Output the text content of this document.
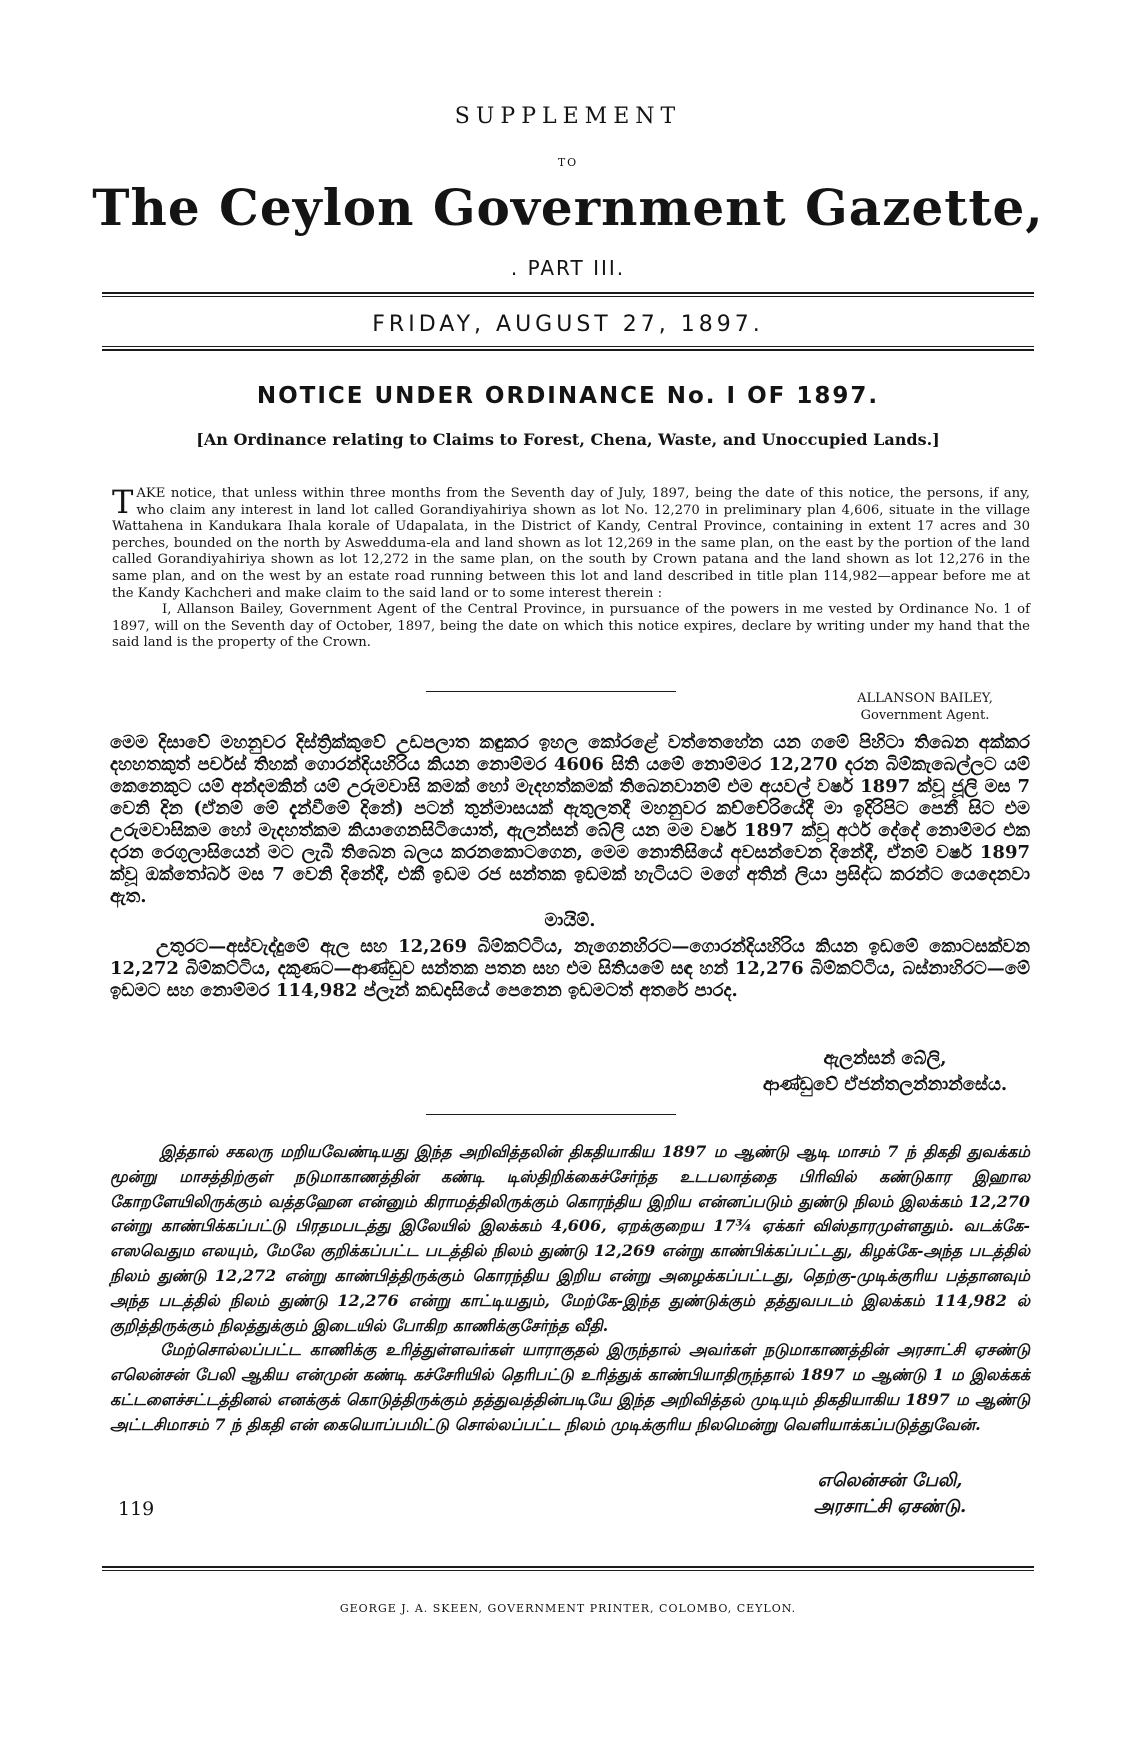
SUPPLEMENT
TO
The Ceylon Government Gazette,
. PART III.
FRIDAY, AUGUST 27, 1897.
NOTICE UNDER ORDINANCE No. I OF 1897.
[An Ordinance relating to Claims to Forest, Chena, Waste, and Unoccupied Lands.]

TAKE notice, that unless within three months from the Seventh day of July, 1897, being the date of this notice, the persons, if any, who claim any interest in land lot called Gorandiyahiriya shown as lot No. 12,270 in preliminary plan 4,606, situate in the village Wattahena in Kandukara Ihala korale of Udapalata, in the District of Kandy, Central Province, containing in extent 17 acres and 30 perches, bounded on the north by Aswedduma-ela and land shown as lot 12,269 in the same plan, on the east by the portion of the land called Gorandiyahiriya shown as lot 12,272 in the same plan, on the south by Crown patana and the land shown as lot 12,276 in the same plan, and on the west by an estate road running between this lot and land described in title plan 114,982—appear before me at the Kandy Kachcheri and make claim to the said land or to some interest therein :

I, Allanson Bailey, Government Agent of the Central Province, in pursuance of the powers in me vested by Ordinance No. 1 of 1897, will on the Seventh day of October, 1897, being the date on which this notice expires, declare by writing under my hand that the said land is the property of the Crown.

ALLANSON BAILEY,
Government Agent.

මෙම දිසාවේ මහනුවර දිස්ත්‍රික්කුවේ උඩපලාත කඳුකර ඉහල කෝරළේ වත්තෙහේන යන ගමේ පිහිටා තිබෙන අක්කර දහහතකුත් පර්චස් තිහක් ගොරන්දියහිරිය කියන නොම්මර 4606 සිති යමේ නොම්මර 12,270 දරන බිම්කැබෙල්ලට යම් කෙනෙකුට යම් අන්දමකින් යම් උරුමවාසි කමක් හෝ මැදහත්කමක් තිබෙනවානම් එම අයවල් වර්ෂ 1897 ක්වූ ජූලි මස 7 වෙනි දින (ඒනම් මේ දැන්වීමේ දිනේ) පටන් තුන්මාසයක් ඇතුලතදී මහනුවර කච්චේරියේදී මා ඉදිරිපිට පෙනී සිට එම උරුමවාසිකම හෝ මැදහත්කම කියාගෙනසිටියොත්, ඇලන්සන් බේලි යන මම වර්ෂ 1897 ක්වූ අර්ථ දේදේ නොම්මර එක දරන රෙගුලාසියෙන් මට ලැබී තිබෙන බලය කරනකොටගෙන, මෙම නොතිසියේ අවසන්වෙන දිනේදී, ඒනම් වර්ෂ 1897 ක්වූ ඔක්තෝබර් මස 7 වෙනි දිනේදී, එකී ඉඩම රජ සන්තක ඉඩමක් හැටියට මගේ අතින් ලියා ප්‍රසිද්ධ කරන්ට යෙදෙනවා ඇත.

මායිම්.

උතුරට—අස්වැද්දුමේ ඇල සහ 12,269 බිම්කට්ටිය, නැගෙනහිරට—ගොරන්දියහිරිය කියන ඉඩමේ කොටසක්වන 12,272 බිම්කට්ටිය, දකුණට—ආණ්ඩුව සන්තක පතන සහ එම සිතියමේ සඳ හන් 12,276 බිම්කට්ටිය, බස්නාහිරට—මේ ඉඩමට සහ නොම්මර 114,982 ප්ලෑන් කඩදාසියේ පෙනෙන ඉඩමටත් අතරේ පාරද.

ඇලන්සන් බේලි,
ආණ්ඩුවේ ඒජන්තලන්නාන්සේය.

இத்தால் சகலரு மறியவேண்டியது இந்த அறிவித்தலின் திகதியாகிய 1897 ம ஆண்டு ஆடி மாசம் 7 ந் திகதி துவக்கம் மூன்று மாசத்திற்குள் நடுமாகாணத்தின் கண்டி டிஸ்திறிக்கைச்சேர்ந்த உடபலாத்தை பிரிவில் கண்டுகார இஹால கோறளேயிலிருக்கும் வத்தஹேன என்னும் கிராமத்திலிருக்கும் கொரந்திய இறிய என்னப்படும் துண்டு நிலம் இலக்கம் 12,270 என்று காண்பிக்கப்பட்டு பிரதமபடத்து இலேயில் இலக்கம் 4,606, ஏறக்குறைய 17¾ ஏக்கர் விஸ்தாரமுள்ளதும். வடக்கே-எஸவெதும எலயும், மேலே குறிக்கப்பட்ட படத்தில் நிலம் துண்டு 12,269 என்று காண்பிக்கப்பட்டது, கிழக்கே-அந்த படத்தில் நிலம் துண்டு 12,272 என்று காண்பித்திருக்கும் கொரந்திய இறிய என்று அழைக்கப்பட்டது, தெற்கு-முடிக்குரிய பத்தானவும் அந்த படத்தில் நிலம் துண்டு 12,276 என்று காட்டியதும், மேற்கே-இந்த துண்டுக்கும் தத்துவபடம் இலக்கம் 114,982 ல் குறித்திருக்கும் நிலத்துக்கும் இடையில் போகிற காணிக்குசேர்ந்த வீதி.

மேற்சொல்லப்பட்ட காணிக்கு உரித்துள்ளவர்கள் யாராகுதல் இருந்தால் அவர்கள் நடுமாகாணத்தின் அரசாட்சி ஏசண்டு எலென்சன் பேலி ஆகிய என்முன் கண்டி கச்சேரியில் தெரிபட்டு உரித்துக் காண்பியாதிருந்தால் 1897 ம ஆண்டு 1 ம இலக்கக் கட்டளைச்சட்டத்தினல் எனக்குக் கொடுத்திருக்கும் தத்துவத்தின்படியே இந்த அறிவித்தல் முடியும் திகதியாகிய 1897 ம ஆண்டு அட்டசிமாசம் 7 ந் திகதி என் கையொப்பமிட்டு சொல்லப்பட்ட நிலம் முடிக்குரிய நிலமென்று வெளியாக்கப்படுத்துவேன்.

எலென்சன் பேலி,
அரசாட்சி ஏசண்டு.
119
GEORGE J. A. SKEEN, GOVERNMENT PRINTER, COLOMBO, CEYLON.
